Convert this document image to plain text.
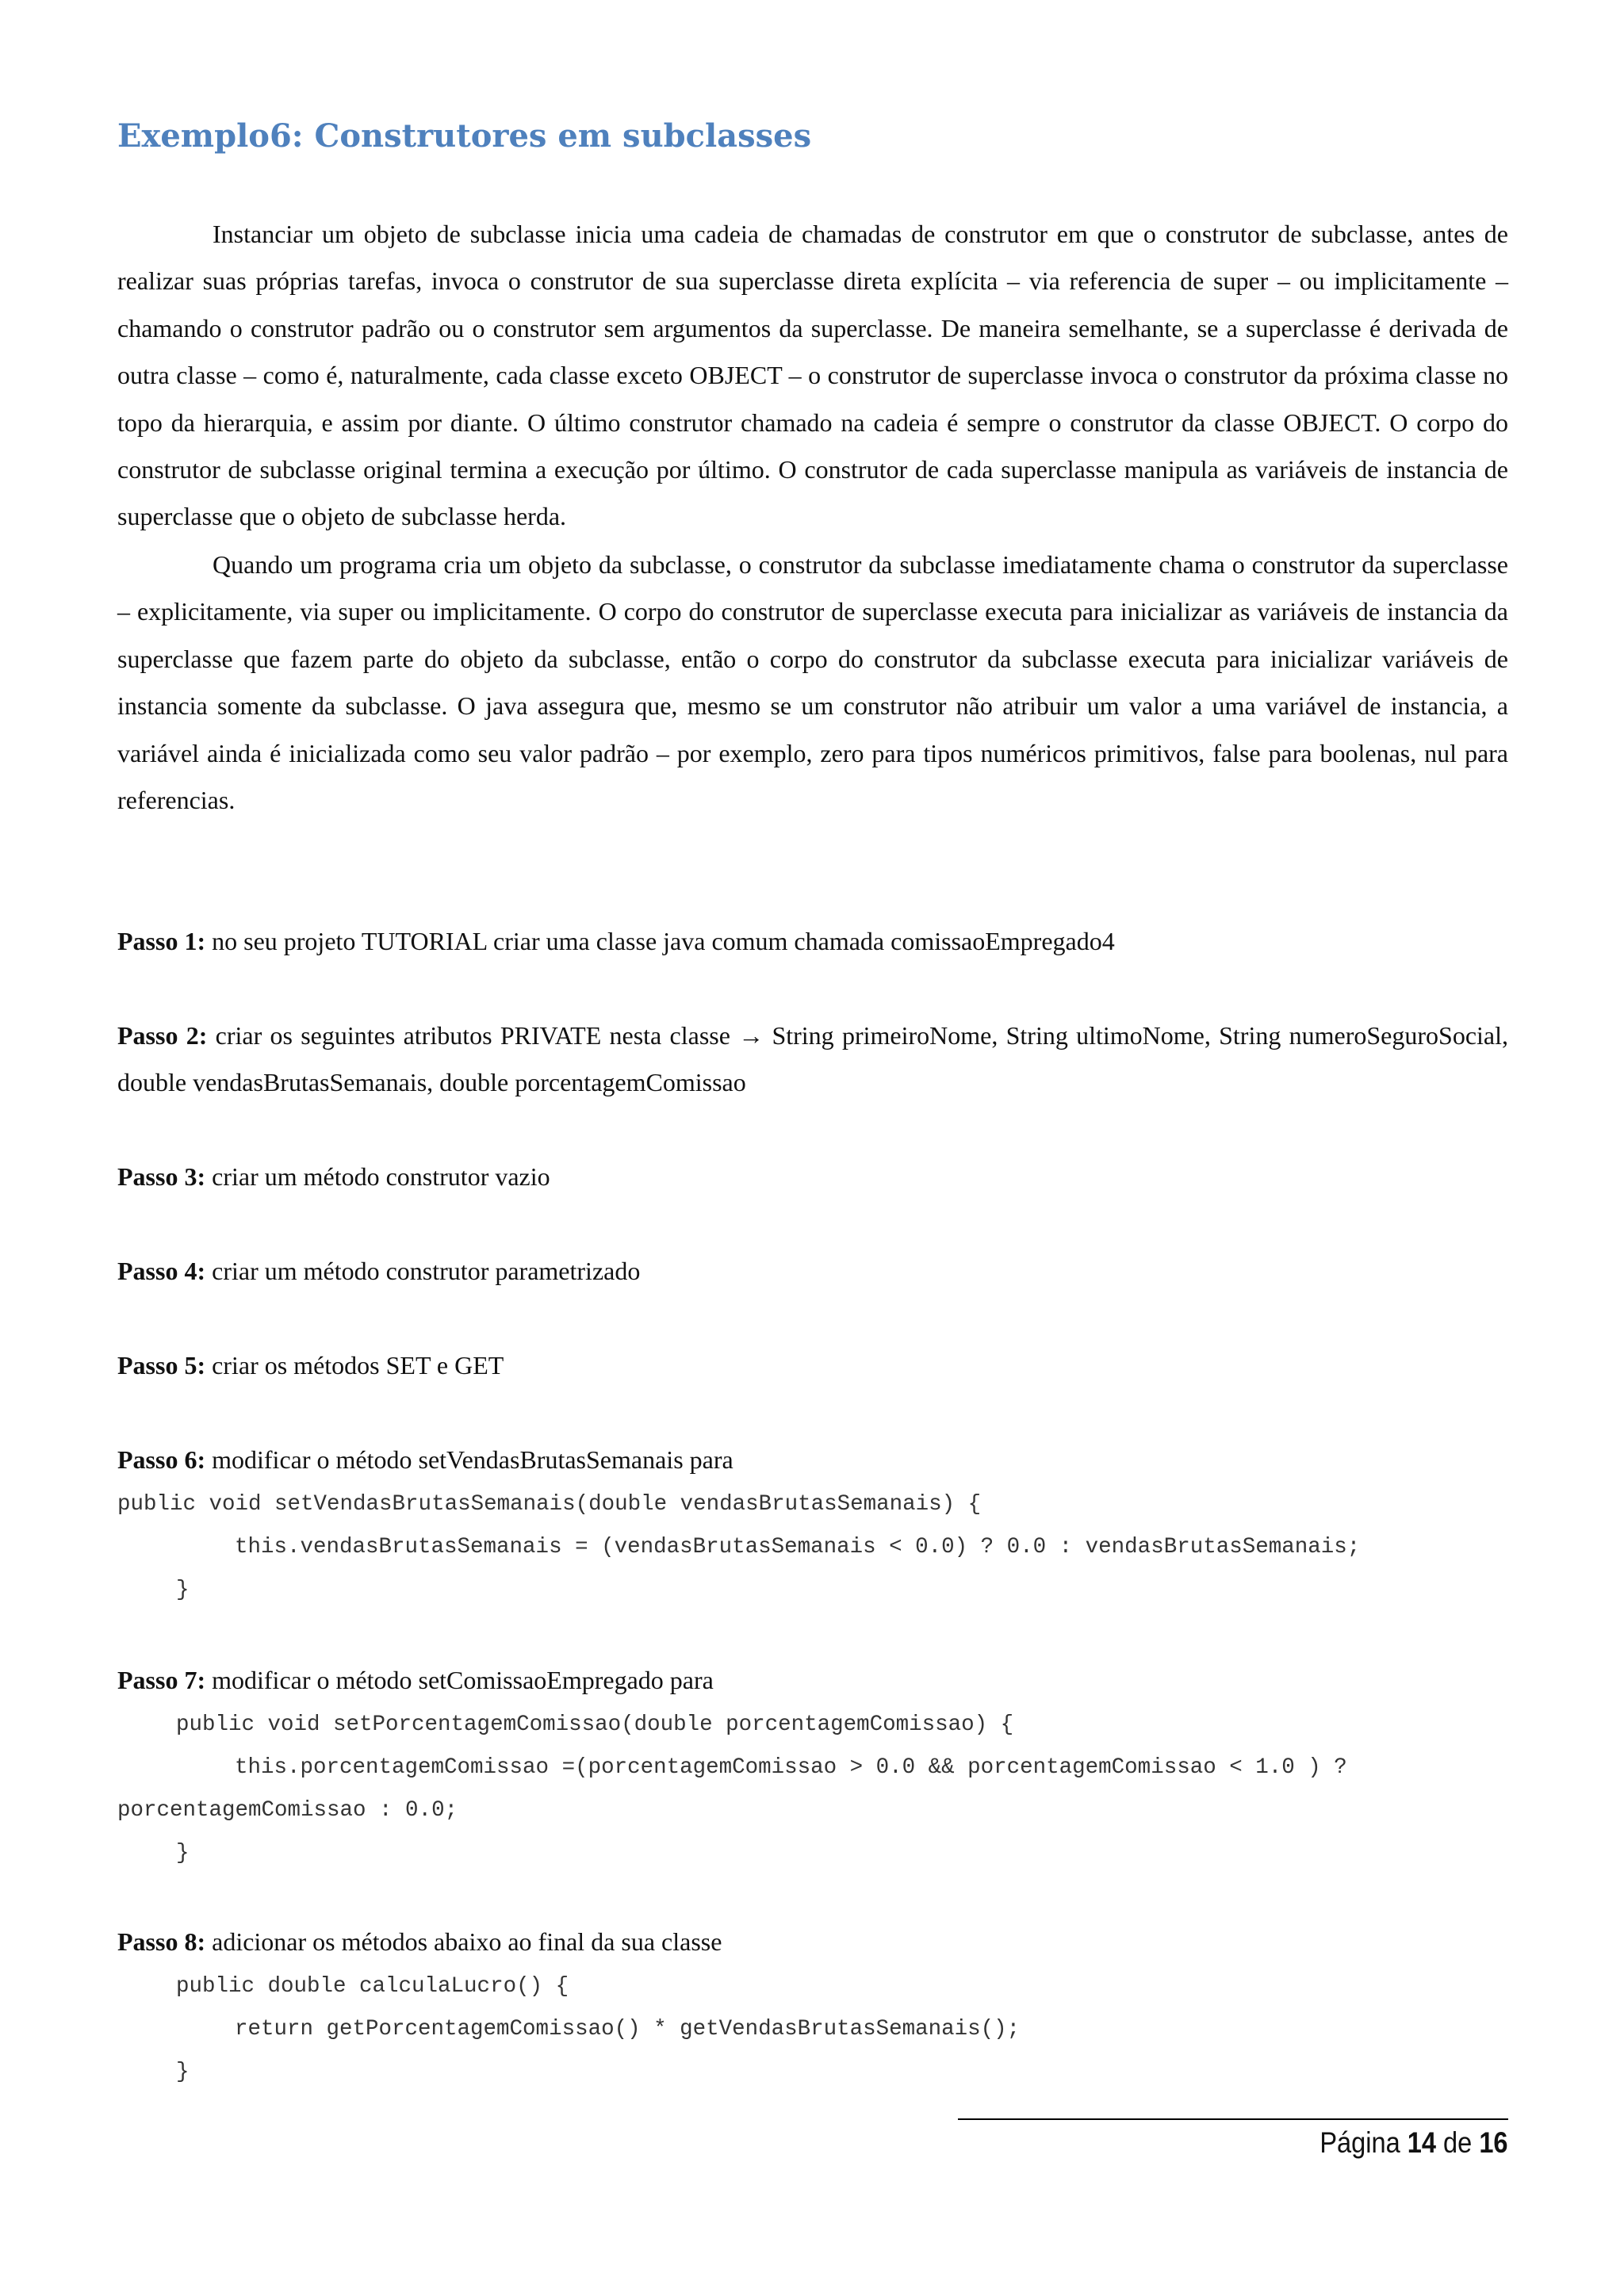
Exemplo6: Construtores em subclasses

Instanciar um objeto de subclasse inicia uma cadeia de chamadas de construtor em que o construtor de subclasse, antes de realizar suas próprias tarefas, invoca o construtor de sua superclasse direta explícita – via referencia de super – ou implicitamente – chamando o construtor padrão ou o construtor sem argumentos da superclasse. De maneira semelhante, se a superclasse é derivada de outra classe – como é, naturalmente, cada classe exceto OBJECT – o construtor de superclasse invoca o construtor da próxima classe no topo da hierarquia, e assim por diante. O último construtor chamado na cadeia é sempre o construtor da classe OBJECT. O corpo do construtor de subclasse original termina a execução por último. O construtor de cada superclasse manipula as variáveis de instancia de superclasse que o objeto de subclasse herda.

Quando um programa cria um objeto da subclasse, o construtor da subclasse imediatamente chama o construtor da superclasse – explicitamente, via super ou implicitamente. O corpo do construtor de superclasse executa para inicializar as variáveis de instancia da superclasse que fazem parte do objeto da subclasse, então o corpo do construtor da subclasse executa para inicializar variáveis de instancia somente da subclasse. O java assegura que, mesmo se um construtor não atribuir um valor a uma variável de instancia, a variável ainda é inicializada como seu valor padrão – por exemplo, zero para tipos numéricos primitivos, false para boolenas, nul para referencias.

Passo 1: no seu projeto TUTORIAL criar uma classe java comum chamada comissaoEmpregado4

Passo 2: criar os seguintes atributos PRIVATE nesta classe → String primeiroNome, String ultimoNome, String numeroSeguroSocial, double vendasBrutasSemanais, double porcentagemComissao

Passo 3: criar um método construtor vazio

Passo 4: criar um método construtor parametrizado

Passo 5: criar os métodos SET e GET

Passo 6: modificar o método setVendasBrutasSemanais para

public void setVendasBrutasSemanais(double vendasBrutasSemanais) {
this.vendasBrutasSemanais = (vendasBrutasSemanais < 0.0) ? 0.0 : vendasBrutasSemanais;
}

Passo 7: modificar o método setComissaoEmpregado para

public void setPorcentagemComissao(double porcentagemComissao) {
this.porcentagemComissao =(porcentagemComissao > 0.0 && porcentagemComissao < 1.0 ) ?
porcentagemComissao : 0.0;
}

Passo 8: adicionar os métodos abaixo ao final da sua classe

public double calculaLucro() {
return getPorcentagemComissao() * getVendasBrutasSemanais();
}
Página 14 de 16
